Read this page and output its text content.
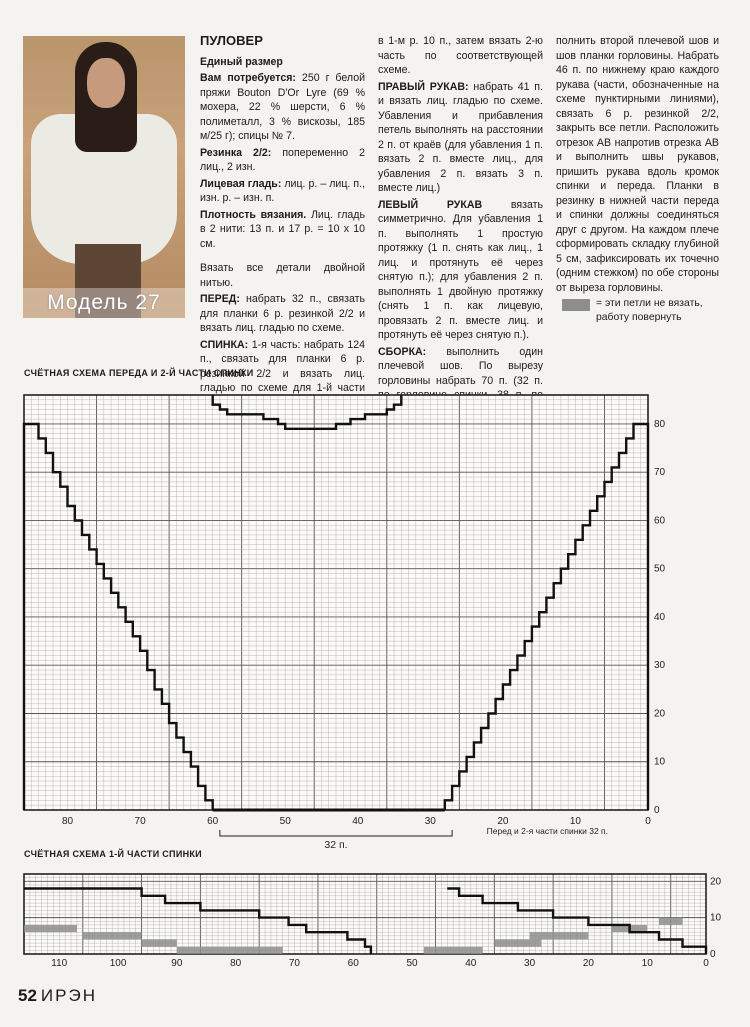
Модель 27
ПУЛОВЕР

Единый размер

Вам потребуется: 250 г белой пряжи Bouton D'Or Lyre (69 % мохера, 22 % шерсти, 6 % полиметалл, 3 % вискозы, 185 м/25 г); спицы № 7.

Резинка 2/2: попеременно 2 лиц., 2 изн.

Лицевая гладь: лиц. р. – лиц. п., изн. р. – изн. п.

Плотность вязания. Лиц. гладь в 2 нити: 13 п. и 17 р. = 10 x 10 см.

Вязать все детали двойной нитью.

ПЕРЕД: набрать 32 п., связать для планки 6 р. резинкой 2/2 и вязать лиц. гладью по схеме.

СПИНКА: 1-я часть: набрать 124 п., связать для планки 6 р. резинкой 2/2 и вязать лиц. гладью по схеме для 1-й части

в 1-м р. 10 п., затем вязать 2-ю часть по соответствующей схеме.

ПРАВЫЙ РУКАВ: набрать 41 п. и вязать лиц. гладью по схеме. Убавления и прибавления петель выполнять на расстоянии 2 п. от краёв (для убавления 1 п. вязать 2 п. вместе лиц., для убавления 2 п. вязать 3 п. вместе лиц.)

ЛЕВЫЙ РУКАВ	вязать симметрично. Для убавления 1 п. выполнять 1 простую протяжку (1 п. снять как лиц., 1 лиц. и протянуть её через снятую п.); для убавления 2 п. выполнять 1 двойную протяжку (снять 1 п. как лицевую, провязать 2 п. вместе лиц. и протянуть её через снятую п.).

СБОРКА: выполнить один плечевой шов. По вырезу горловины набрать 70 п. (32 п.

полнить второй плечевой шов и шов планки горловины. Набрать 46 п. по нижнему краю каждого рукава (части, обозначенные на схеме пунктирными линиями), связать 6 р. резинкой 2/2, закрыть все петли. Расположить отрезок АВ напротив отрезка АВ и выполнить швы рукавов, пришить рукава вдоль кромок спинки и переда. Планки в резинку в нижней части переда и спинки должны соединяться друг с другом. На каждом плече сформировать складку глубиной 5 см, зафиксировать их точечно (одним стежком) по обе стороны от выреза горловины.

= эти петли не вязать, работу повернуть
СЧЁТНАЯ СХЕМА ПЕРЕДА И 2-Й ЧАСТИ СПИНКИ
80	70	60	50	40	30	20	10	0
0
10
20
30
40
50
60
70
80
32 п.
Перед и 2-я части спинки 32 п.
СЧЁТНАЯ СХЕМА 1-Й ЧАСТИ СПИНКИ
110	100	90	80	70	60	50	40	30	20	10	0
0
10
20
52 ИРЭН
